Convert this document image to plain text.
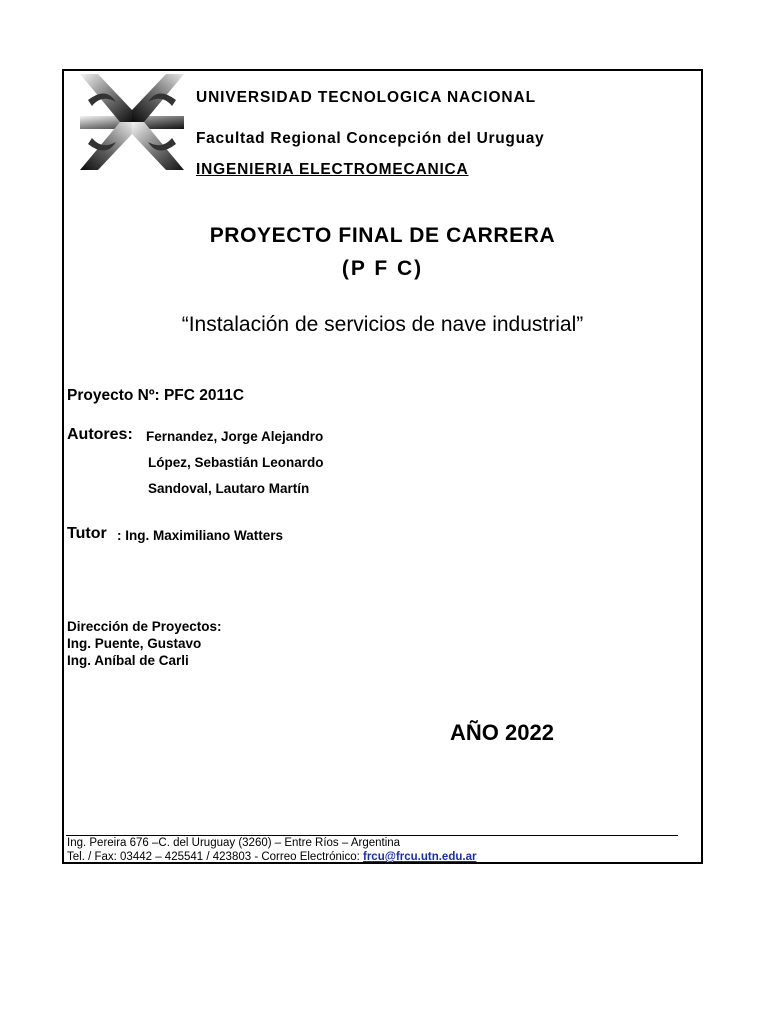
UNIVERSIDAD TECNOLOGICA NACIONAL
Facultad Regional Concepción del Uruguay
INGENIERIA ELECTROMECANICA
PROYECTO FINAL DE CARRERA
(P F C)
“Instalación de servicios de nave industrial”
Proyecto Nº: PFC 2011C
Autores: Fernandez, Jorge Alejandro
López, Sebastián Leonardo
Sandoval, Lautaro Martín
Tutor : Ing. Maximiliano Watters
Dirección de Proyectos:
Ing. Puente, Gustavo
Ing. Aníbal de Carli
AÑO 2022
Ing. Pereira 676 –C. del Uruguay (3260) – Entre Ríos – Argentina
Tel. / Fax: 03442 – 425541 / 423803 - Correo Electrónico: frcu@frcu.utn.edu.ar
